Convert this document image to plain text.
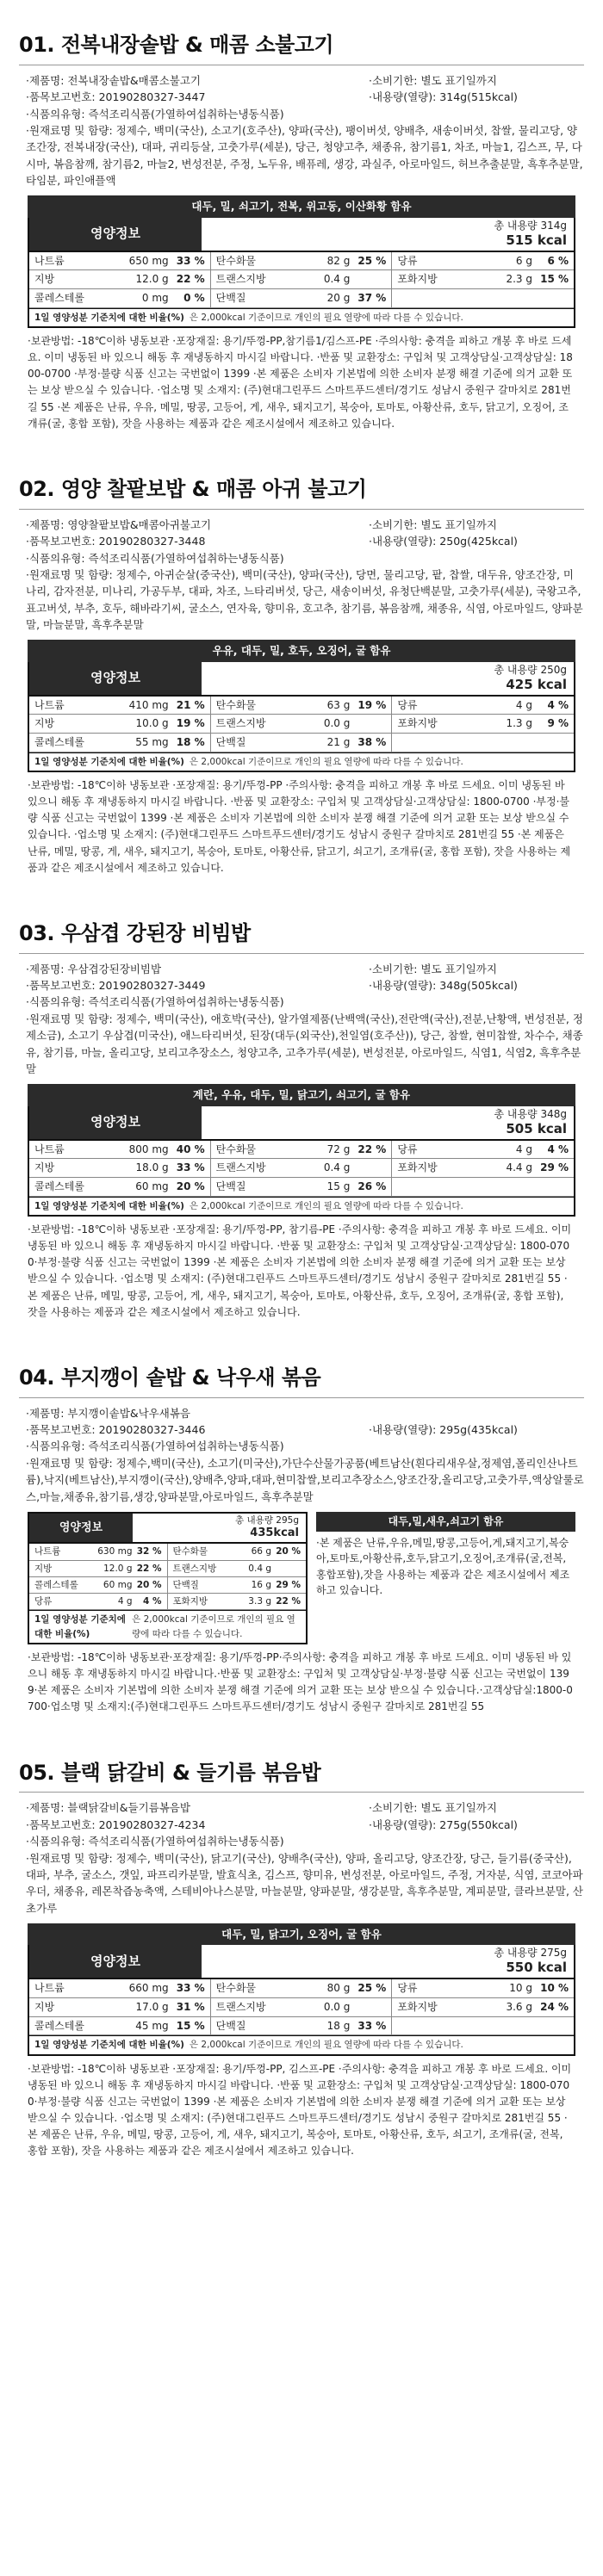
01. 전복내장솥밥 & 매콤 소불고기
·제품명: 전복내장솥밥&매콤소불고기	·소비기한: 별도 표기일까지
·품목보고번호: 20190280327-3447	·내용량(열량): 314g(515kcal)
·식품의유형: 즉석조리식품(가열하여섭취하는냉동식품)
·원재료명 및 함량: 정제수, 백미(국산), 소고기(호주산), 양파(국산), 팽이버섯, 양배추, 새송이버섯, 찹쌀, 물리고당, 양조간장, 전복내장(국산), 대파, 귀리등살, 고춧가루(세분), 당근, 청양고추, 채종유, 참기름1, 차조, 마늘1, 김스프, 무, 다시마, 볶음참깨, 참기름2, 마늘2, 변성전분, 주정, 노두유, 배퓨레, 생강, 과실주, 아로마일드, 허브추출분말, 흑후추분말, 타임분, 파인애플액
대두, 밀, 쇠고기, 전복, 위고동, 이산화황 함유
영양정보
총 내용량 314g
515 kcal
나트륨	650 mg 33 % 탄수화물	82 g 25 % 당류	6 g	6 %
지방	12.0 g 22 % 트랜스지방	0.4 g	포화지방	2.3 g 15 %
콜레스테롤	0 mg	0 % 단백질	20 g 37 %
1일 영양성분 기준치에 대한 비율(%) 은 2,000kcal 기준이므로 개인의 필요 열량에 따라 다를 수 있습니다.
·보관방법: -18℃이하 냉동보관 ·포장재질: 용기/뚜껑-PP,참기름1/김스프-PE ·주의사항: 충격을 피하고 개봉 후 바로 드세요. 이미 냉동된 바 있으니 해동 후 재냉동하지 마시길 바랍니다. ·반품 및 교환장소: 구입처 및 고객상담실·고객상담실: 1800-0700 ·부정·불량 식품 신고는 국번없이 1399 ·본 제품은 소비자 기본법에 의한 소비자 분쟁 해결 기준에 의거 교환 또는 보상 받으실 수 있습니다. ·업소명 및 소재지: (주)현대그린푸드 스마트푸드센터/경기도 성남시 중원구 갈마치로 281번길 55 ·본 제품은 난류, 우유, 메밀, 땅콩, 고등어, 게, 새우, 돼지고기, 복숭아, 토마토, 아황산류, 호두, 닭고기, 오징어, 조개류(굴, 홍합 포함), 잣을 사용하는 제품과 같은 제조시설에서 제조하고 있습니다.
02. 영양 찰팥보밥 & 매콤 아귀 불고기
·제품명: 영양찰팥보밥&매콤아귀불고기	·소비기한: 별도 표기일까지
·품목보고번호: 20190280327-3448	·내용량(열량): 250g(425kcal)
·식품의유형: 즉석조리식품(가열하여섭취하는냉동식품)
·원재료명 및 함량: 정제수, 아귀순살(중국산), 백미(국산), 양파(국산), 당면, 물리고당, 팥, 찹쌀, 대두유, 양조간장, 미나리, 감자전분, 미나리, 가공두부, 대파, 차조, 느타리버섯, 당근, 새송이버섯, 유청단백분말, 고춧가루(세분), 국왕고추, 표고버섯, 부추, 호두, 해바라기씨, 굴소스, 연자육, 향미유, 호고추, 참기름, 볶음참깨, 채종유, 식염, 아로마일드, 양파분말, 마늘분말, 흑후추분말
우유, 대두, 밀, 호두, 오징어, 굴 함유
영양정보
총 내용량 250g
425 kcal
나트륨	410 mg 21 % 탄수화물	63 g 19 % 당류	4 g	4 %
지방	10.0 g 19 % 트랜스지방	0.0 g	포화지방	1.3 g	9 %
콜레스테롤	55 mg 18 % 단백질	21 g 38 %
1일 영양성분 기준치에 대한 비율(%) 은 2,000kcal 기준이므로 개인의 필요 열량에 따라 다를 수 있습니다.
·보관방법: -18℃이하 냉동보관 ·포장재질: 용기/뚜껑-PP ·주의사항: 충격을 피하고 개봉 후 바로 드세요. 이미 냉동된 바 있으니 해동 후 재냉동하지 마시길 바랍니다. ·반품 및 교환장소: 구입처 및 고객상담실·고객상담실: 1800-0700 ·부정·불량 식품 신고는 국번없이 1399 ·본 제품은 소비자 기본법에 의한 소비자 분쟁 해결 기준에 의거 교환 또는 보상 받으실 수 있습니다. ·업소명 및 소재지: (주)현대그린푸드 스마트푸드센터/경기도 성남시 중원구 갈마치로 281번길 55 ·본 제품은 난류, 메밀, 땅콩, 게, 새우, 돼지고기, 복숭아, 토마토, 아황산류, 닭고기, 쇠고기, 조개류(굴, 홍합 포함), 잣을 사용하는 제품과 같은 제조시설에서 제조하고 있습니다.
03. 우삼겹 강된장 비빔밥
·제품명: 우삼겹강된장비빔밥	·소비기한: 별도 표기일까지
·품목보고번호: 20190280327-3449	·내용량(열량): 348g(505kcal)
·식품의유형: 즉석조리식품(가열하여섭취하는냉동식품)
·원재료명 및 함량: 정제수, 백미(국산), 애호박(국산), 알가열제품(난백액(국산),전란액(국산),전분,난황액, 변성전분, 정제소금), 소고기 우삼겹(미국산), 애느타리버섯, 된장(대두(외국산),천일염(호주산)), 당근, 참쌀, 현미찹쌀, 차수수, 채종유, 참기름, 마늘, 올리고당, 보리고추장소스, 청양고추, 고추가루(세분), 변성전분, 아로마일드, 식염1, 식염2, 흑후추분말
계란, 우유, 대두, 밀, 닭고기, 쇠고기, 굴 함유
영양정보
총 내용량 348g
505 kcal
나트륨	800 mg 40 % 탄수화물	72 g 22 % 당류	4 g	4 %
지방	18.0 g 33 % 트랜스지방	0.4 g	포화지방	4.4 g 29 %
콜레스테롤	60 mg 20 % 단백질	15 g 26 %
1일 영양성분 기준치에 대한 비율(%) 은 2,000kcal 기준이므로 개인의 필요 열량에 따라 다를 수 있습니다.
·보관방법: -18℃이하 냉동보관 ·포장재질: 용기/뚜껑-PP, 참기름-PE ·주의사항: 충격을 피하고 개봉 후 바로 드세요. 이미 냉동된 바 있으니 해동 후 재냉동하지 마시길 바랍니다. ·반품 및 교환장소: 구입처 및 고객상담실·고객상담실: 1800-0700·부정·불량 식품 신고는 국번없이 1399 ·본 제품은 소비자 기본법에 의한 소비자 분쟁 해결 기준에 의거 교환 또는 보상 받으실 수 있습니다. ·업소명 및 소재지: (주)현대그린푸드 스마트푸드센터/경기도 성남시 중원구 갈마치로 281번길 55 ·본 제품은 난류, 메밀, 땅콩, 고등어, 게, 새우, 돼지고기, 복숭아, 토마토, 아황산류, 호두, 오징어, 조개류(굴, 홍합 포함), 잣을 사용하는 제품과 같은 제조시설에서 제조하고 있습니다.
04. 부지깽이 솥밥 & 낙우새 볶음
·제품명: 부지깽이솥밥&낙우새볶음
·품목보고번호: 20190280327-3446	·내용량(열량): 295g(435kcal)
·식품의유형: 즉석조리식품(가열하여섭취하는냉동식품)
·원재료명 및 함량: 정제수,백미(국산), 소고기(미국산),가단수산물가공품(베트남산(흰다리새우살,정제염,폴리인산나트륨),낙지(베트남산),부지깽이(국산),양배추,양파,대파,현미찹쌀,보리고추장소스,양조간장,올리고당,고춧가루,액상알룰로스,마늘,채종유,참기름,생강,양파분말,아로마일드, 흑후추분말
영양정보
총 내용량 295g
435kcal
나트륨	630 mg 32 % 탄수화물	66 g 20 %
지방	12.0 g 22 % 트랜스지방	0.4 g
콜레스테롤	60 mg 20 % 단백질	16 g 29 %
당류	4 g	4 % 포화지방	3.3 g 22 %
1일 영양성분 기준치에 대한 비율(%)
은 2,000kcal 기준이므로 개인의 필요 열량에 따라 다를 수 있습니다.
대두,밀,새우,쇠고기 함유
·본 제품은 난류,우유,메밀,땅콩,고등어,게,돼지고기,복숭아,토마토,아황산류,호두,닭고기,오징어,조개류(굴,전복,홍합포함),잣을 사용하는 제품과 같은 제조시설에서 제조하고 있습니다.
·보관방법: -18℃이하 냉동보관·포장재질: 용기/뚜껑-PP·주의사항: 충격을 피하고 개봉 후 바로 드세요. 이미 냉동된 바 있으니 해동 후 재냉동하지 마시길 바랍니다.·반품 및 교환장소: 구입처 및 고객상담실·부정·불량 식품 신고는 국번없이 1399·본 제품은 소비자 기본법에 의한 소비자 분쟁 해결 기준에 의거 교환 또는 보상 받으실 수 있습니다.·고객상담실:1800-0700·업소명 및 소재지:(주)현대그린푸드 스마트푸드센터/경기도 성남시 중원구 갈마치로 281번길 55
05. 블랙 닭갈비 & 들기름 볶음밥
·제품명: 블랙닭갈비&들기름볶음밥	·소비기한: 별도 표기일까지
·품목보고번호: 20190280327-4234	·내용량(열량): 275g(550kcal)
·식품의유형: 즉석조리식품(가열하여섭취하는냉동식품)
·원재료명 및 함량: 정제수, 백미(국산), 닭고기(국산), 양배추(국산), 양파, 올리고당, 양조간장, 당근, 들기름(중국산), 대파, 부추, 굴소스, 갯잎, 파프리카분말, 발효식초, 김스프, 향미유, 변성전분, 아로마일드, 주정, 거자분, 식염, 코코아파우더, 채종유, 레몬착즙농축액, 스테비아나스분말, 마늘분말, 양파분말, 생강분말, 흑후추분말, 계피분말, 클라브분말, 산초가루
대두, 밀, 닭고기, 오징어, 굴 함유
영양정보
총 내용량 275g
550 kcal
나트륨	660 mg 33 % 탄수화물	80 g 25 % 당류	10 g 10 %
지방	17.0 g 31 % 트랜스지방	0.0 g	포화지방	3.6 g 24 %
콜레스테롤	45 mg 15 % 단백질	18 g 33 %
1일 영양성분 기준치에 대한 비율(%) 은 2,000kcal 기준이므로 개인의 필요 열량에 따라 다를 수 있습니다.
·보관방법: -18℃이하 냉동보관 ·포장재질: 용기/뚜껑-PP, 김스프-PE ·주의사항: 충격을 피하고 개봉 후 바로 드세요. 이미 냉동된 바 있으니 해동 후 재냉동하지 마시길 바랍니다. ·반품 및 교환장소: 구입처 및 고객상담실·고객상담실: 1800-0700·부정·불량 식품 신고는 국번없이 1399 ·본 제품은 소비자 기본법에 의한 소비자 분쟁 해결 기준에 의거 교환 또는 보상 받으실 수 있습니다. ·업소명 및 소재지: (주)현대그린푸드 스마트푸드센터/경기도 성남시 중원구 갈마치로 281번길 55 ·본 제품은 난류, 우유, 메밀, 땅콩, 고등어, 게, 새우, 돼지고기, 복숭아, 토마토, 아황산류, 호두, 쇠고기, 조개류(굴, 전복, 홍합 포함), 잣을 사용하는 제품과 같은 제조시설에서 제조하고 있습니다.
